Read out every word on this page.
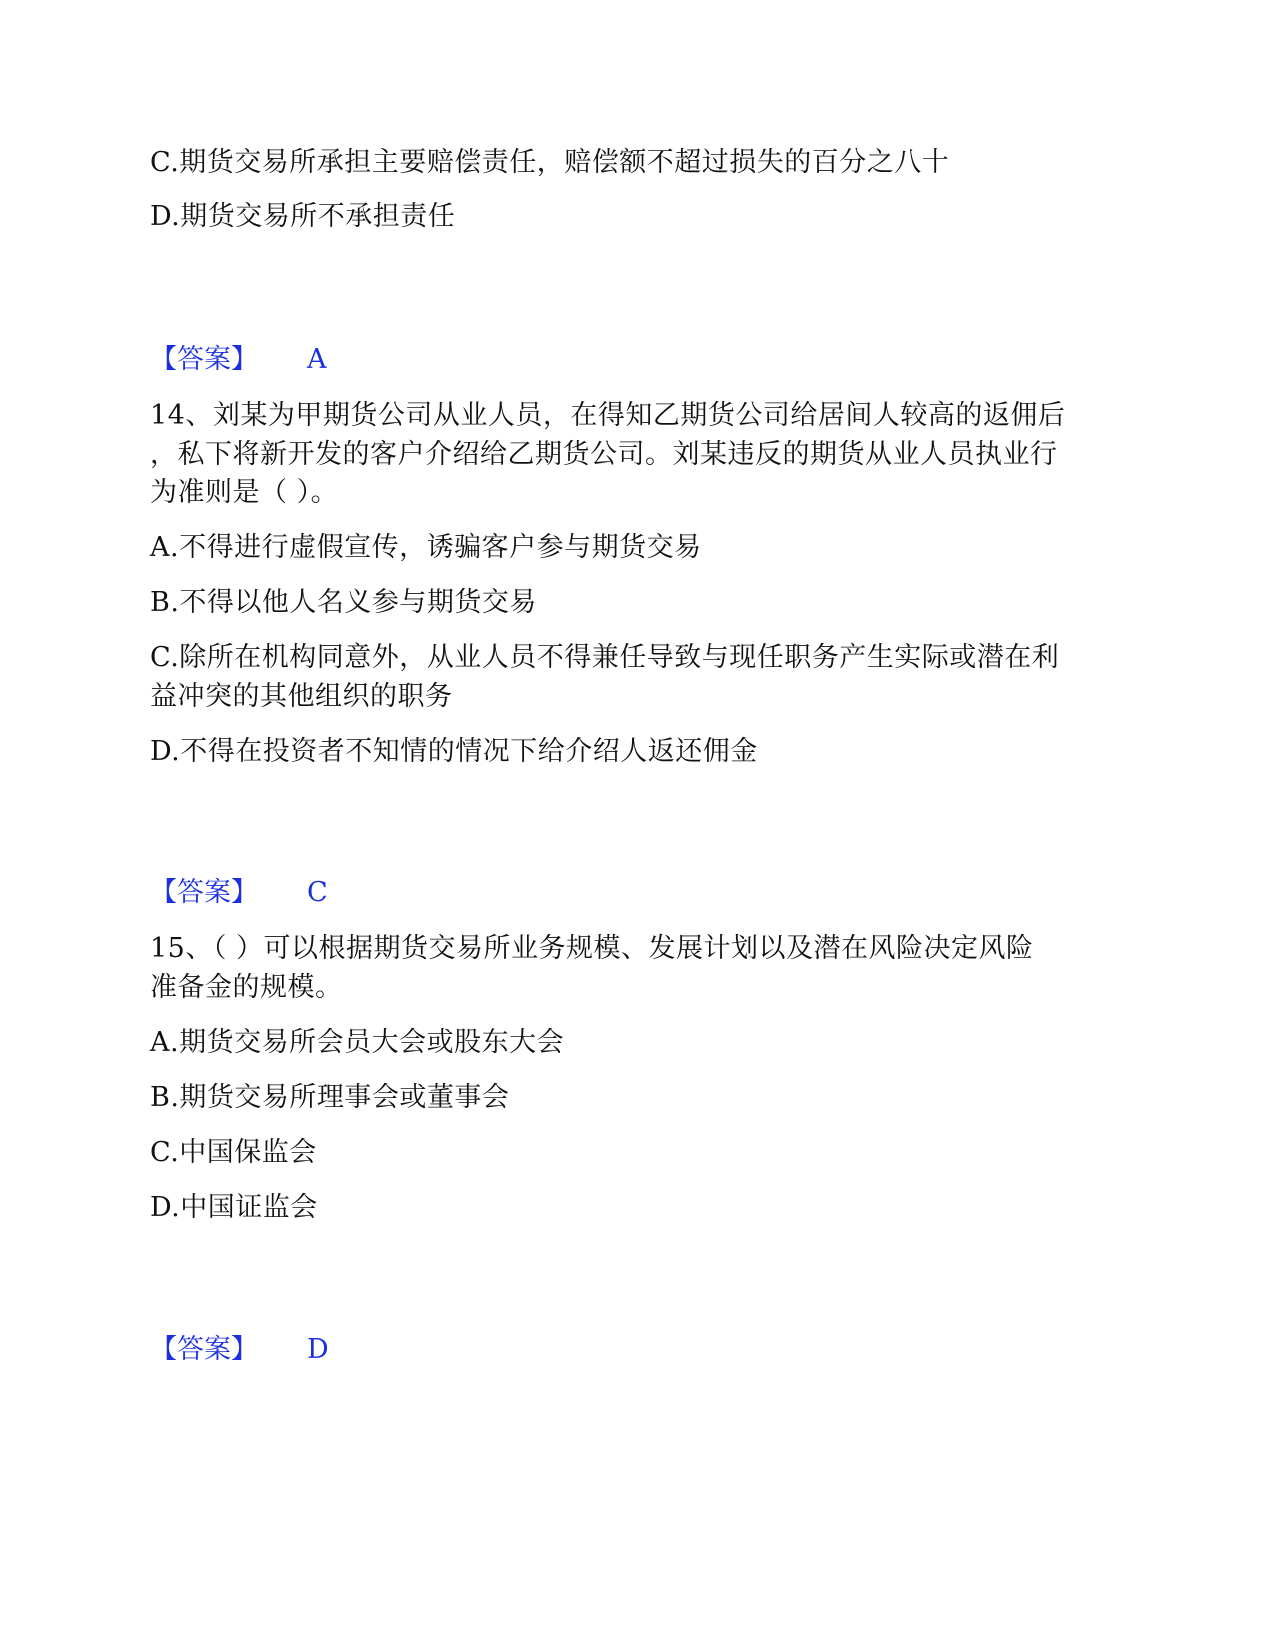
C.期货交易所承担主要赔偿责任，赔偿额不超过损失的百分之八十
D.期货交易所不承担责任
【答案】 A
14、刘某为甲期货公司从业人员，在得知乙期货公司给居间人较高的返佣后
，私下将新开发的客户介绍给乙期货公司。刘某违反的期货从业人员执业行
为准则是（ ）。
A.不得进行虚假宣传，诱骗客户参与期货交易
B.不得以他人名义参与期货交易
C.除所在机构同意外，从业人员不得兼任导致与现任职务产生实际或潜在利
益冲突的其他组织的职务
D.不得在投资者不知情的情况下给介绍人返还佣金
【答案】 C
15、（ ）可以根据期货交易所业务规模、发展计划以及潜在风险决定风险
准备金的规模。
A.期货交易所会员大会或股东大会
B.期货交易所理事会或董事会
C.中国保监会
D.中国证监会
【答案】 D
